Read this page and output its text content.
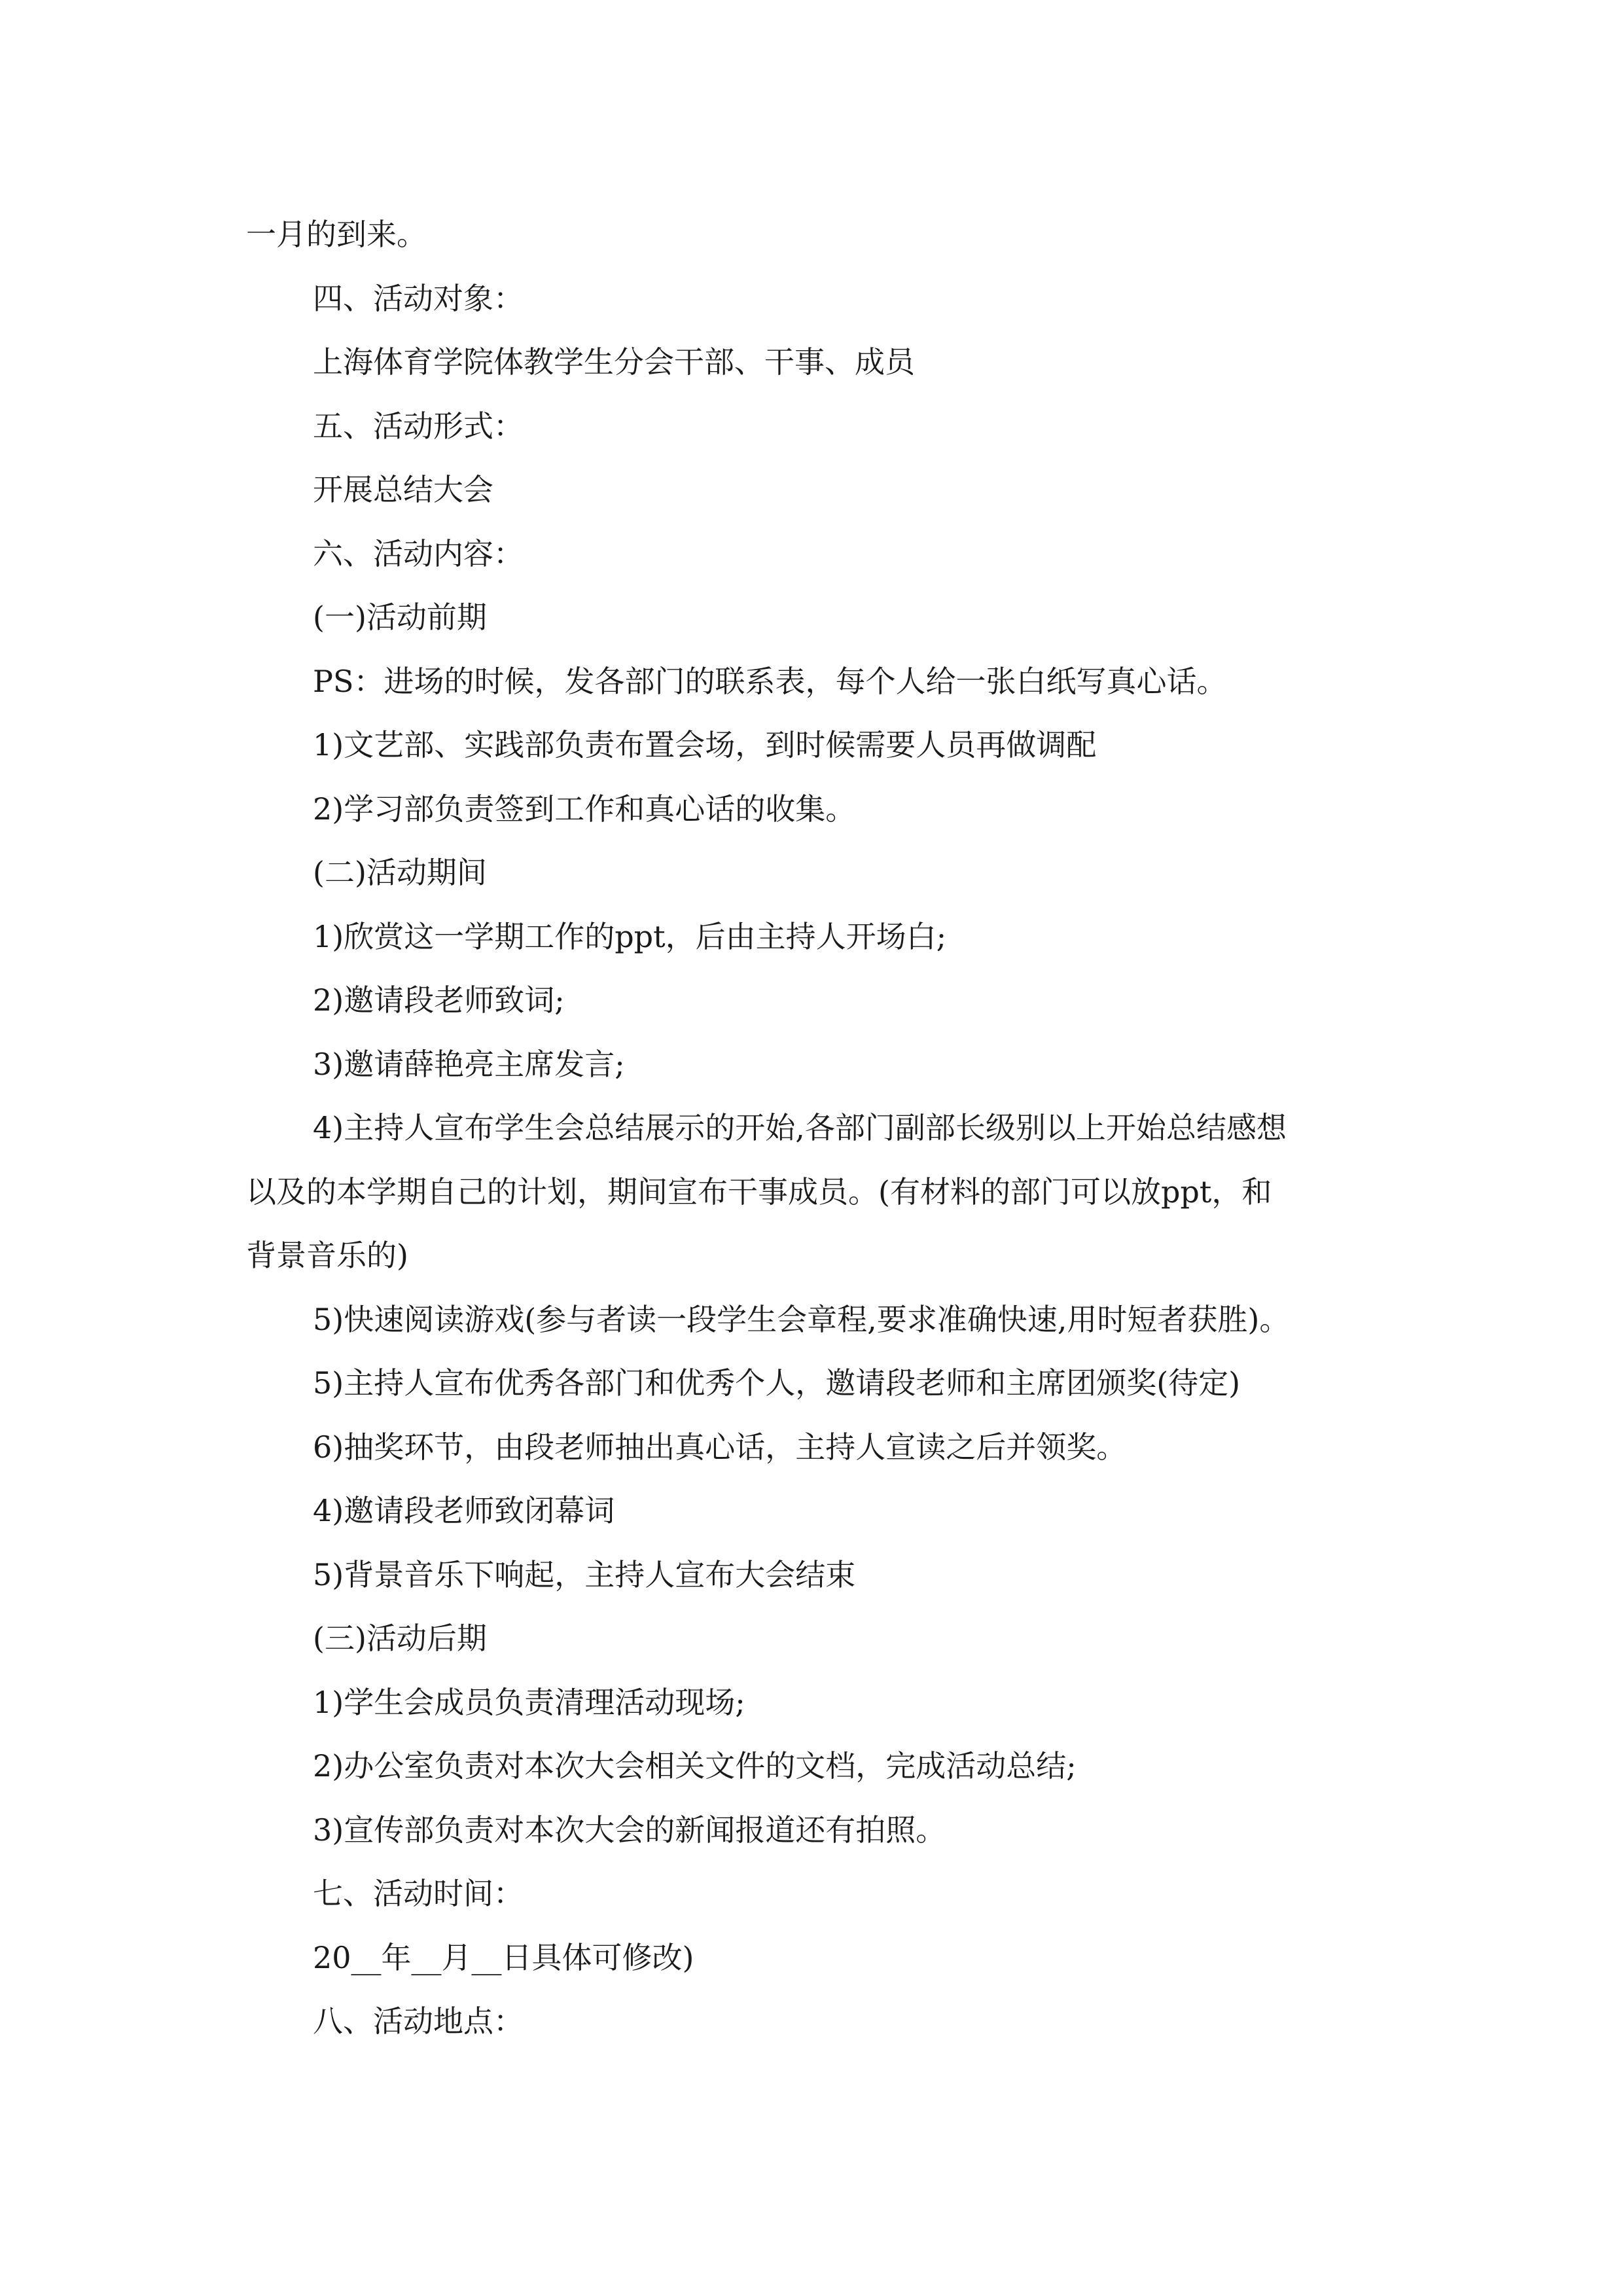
一月的到来。

四、活动对象：

上海体育学院体教学生分会干部、干事、成员

五、活动形式：

开展总结大会

六、活动内容：

(一)活动前期

PS：进场的时候，发各部门的联系表，每个人给一张白纸写真心话。

1)文艺部、实践部负责布置会场，到时候需要人员再做调配

2)学习部负责签到工作和真心话的收集。

(二)活动期间

1)欣赏这一学期工作的ppt，后由主持人开场白;

2)邀请段老师致词;

3)邀请薛艳亮主席发言;

4)主持人宣布学生会总结展示的开始,各部门副部长级别以上开始总结感想

以及的本学期自己的计划，期间宣布干事成员。(有材料的部门可以放ppt，和

背景音乐的)

5)快速阅读游戏(参与者读一段学生会章程,要求准确快速,用时短者获胜)。

5)主持人宣布优秀各部门和优秀个人，邀请段老师和主席团颁奖(待定)

6)抽奖环节，由段老师抽出真心话，主持人宣读之后并领奖。

4)邀请段老师致闭幕词

5)背景音乐下响起，主持人宣布大会结束

(三)活动后期

1)学生会成员负责清理活动现场;

2)办公室负责对本次大会相关文件的文档，完成活动总结;

3)宣传部负责对本次大会的新闻报道还有拍照。

七、活动时间：

20__年__月__日具体可修改)

八、活动地点：
